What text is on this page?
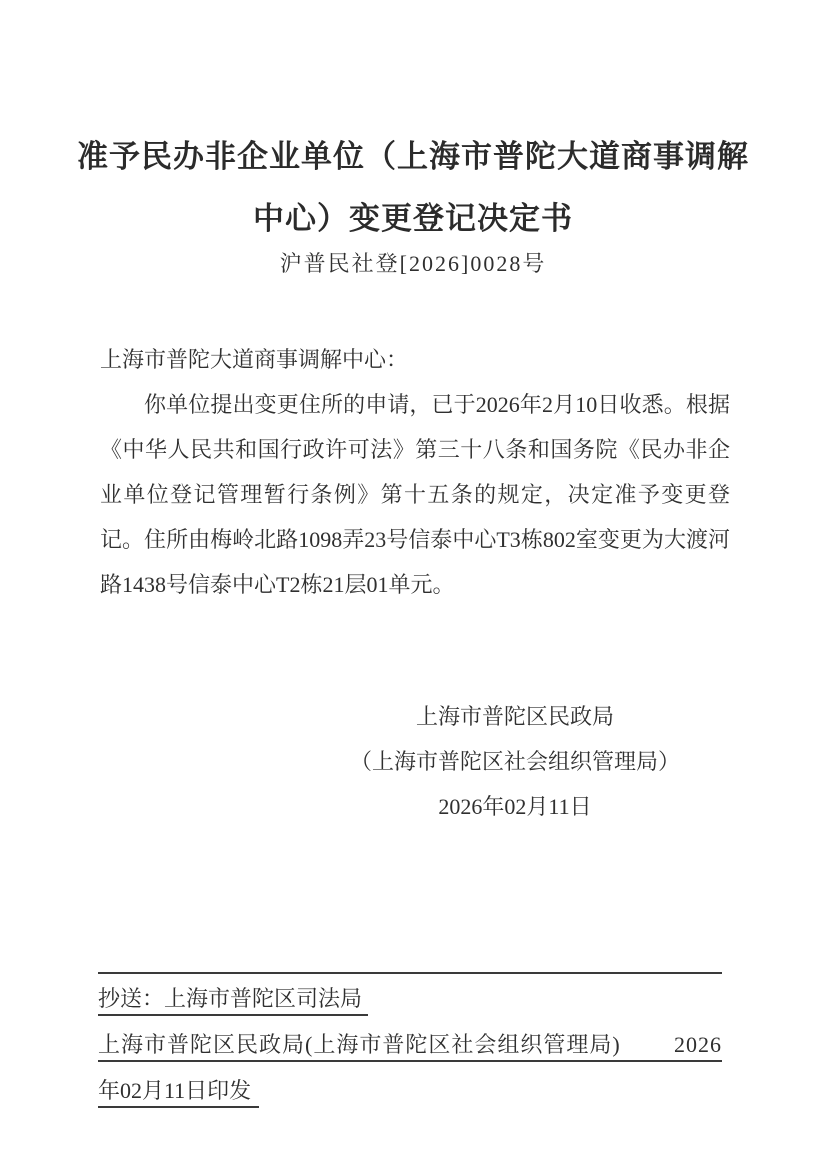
准予民办非企业单位（上海市普陀大道商事调解
中心）变更登记决定书
沪普民社登[2026]0028号
上海市普陀大道商事调解中心：
你单位提出变更住所的申请，已于2026年2月10日收悉。根据《中华人民共和国行政许可法》第三十八条和国务院《民办非企业单位登记管理暂行条例》第十五条的规定，决定准予变更登记。住所由梅岭北路1098弄23号信泰中心T3栋802室变更为大渡河路1438号信泰中心T2栋21层01单元。
上海市普陀区民政局
（上海市普陀区社会组织管理局）
2026年02月11日
抄送：上海市普陀区司法局
上海市普陀区民政局(上海市普陀区社会组织管理局) 2026
年02月11日印发
